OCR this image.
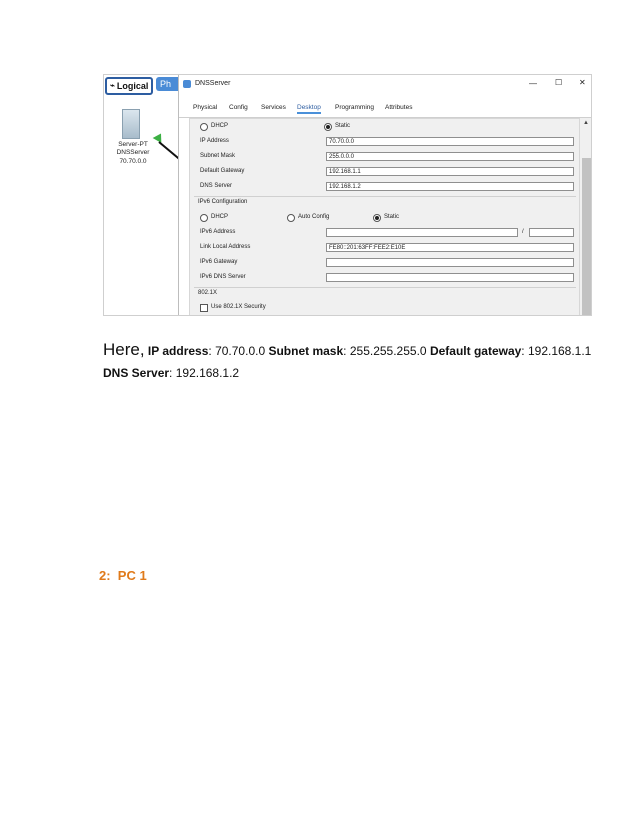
⌁ Logical	Ph
Server-PT
DNSServer
70.70.0.0
DNSServer	— ☐ ✕
Physical Config Services Desktop Programming Attributes
DHCP	Static
IP Address	70.70.0.0
Subnet Mask	255.0.0.0
Default Gateway	192.168.1.1
DNS Server	192.168.1.2
IPv6 Configuration
DHCP	Auto Config	Static
IPv6 Address	/
Link Local Address	FE80::201:63FF:FEE2:E10E
IPv6 Gateway
IPv6 DNS Server
802.1X
Use 802.1X Security
▲
Here, IP address: 70.70.0.0 Subnet mask: 255.255.255.0 Default gateway: 192.168.1.1
DNS Server: 192.168.1.2
2:  PC 1
